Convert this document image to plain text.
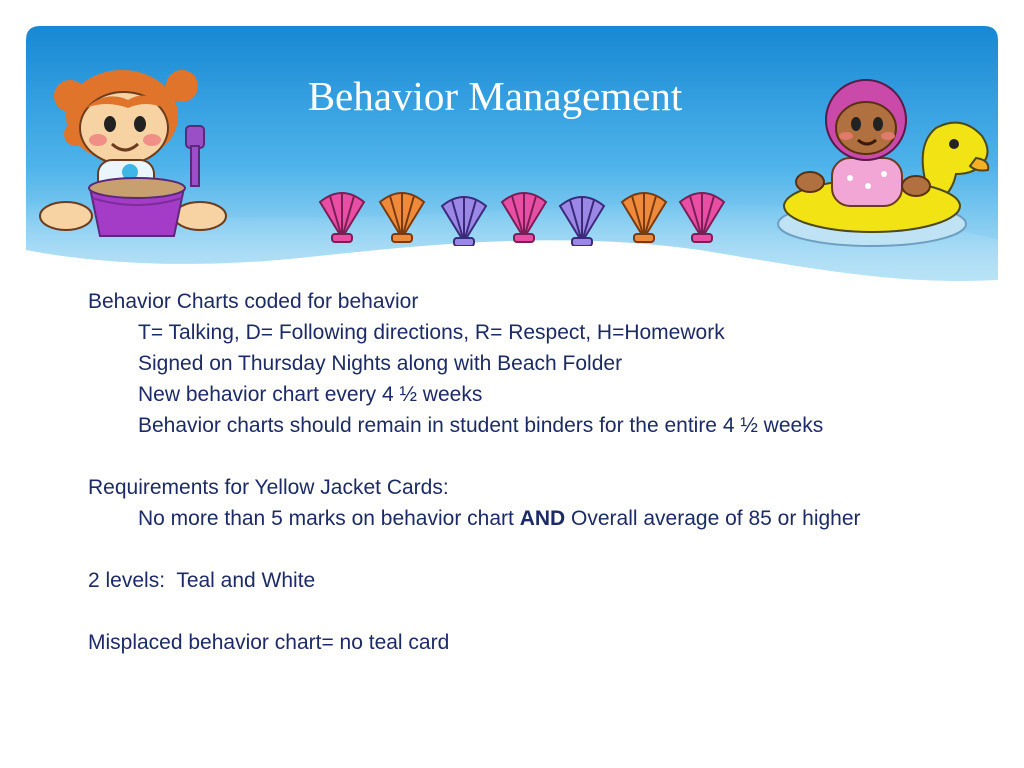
Behavior Management
Behavior Charts coded for behavior
T= Talking, D= Following directions, R= Respect, H=Homework
Signed on Thursday Nights along with Beach Folder
New behavior chart every 4 ½ weeks
Behavior charts should remain in student binders for the entire 4 ½ weeks
Requirements for Yellow Jacket Cards:
No more than 5 marks on behavior chart AND Overall average of 85 or higher
2 levels:  Teal and White
Misplaced behavior chart= no teal card
